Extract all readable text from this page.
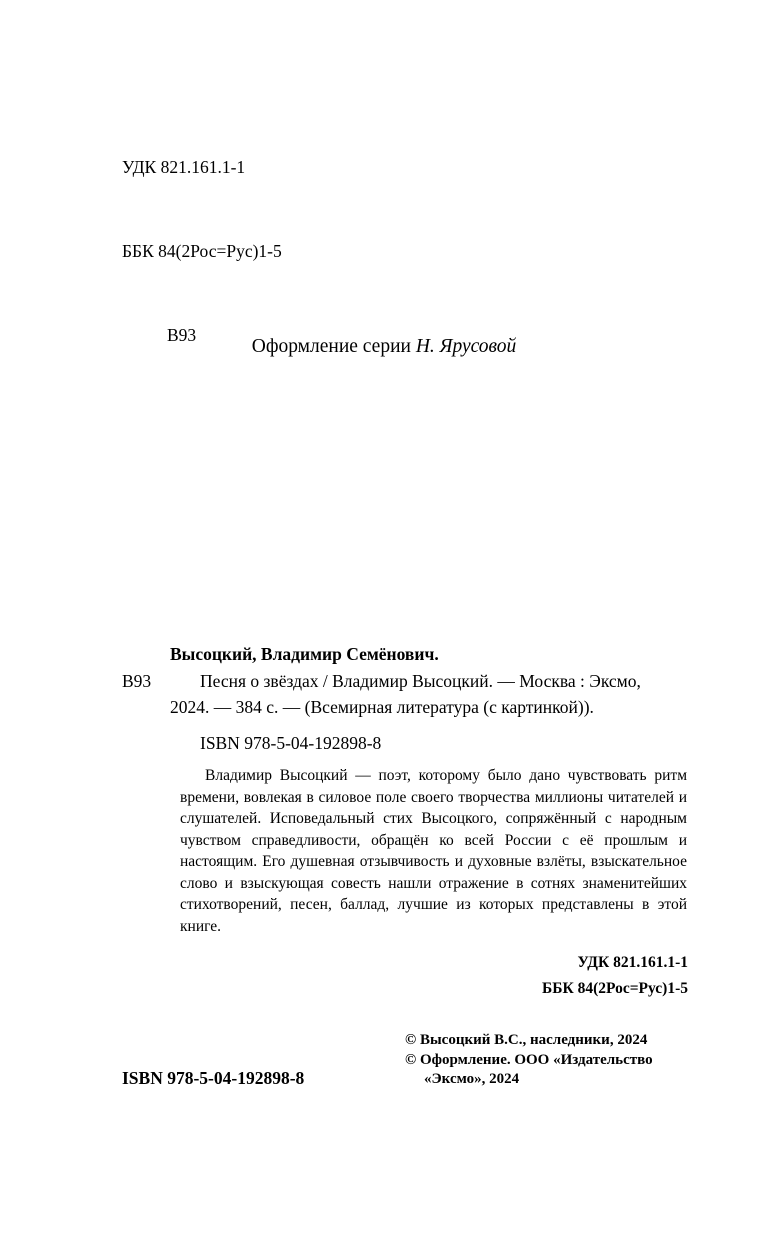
УДК 821.161.1-1

ББК 84(2Рос=Рус)1-5

В93

Оформление серии Н. Ярусовой
Высоцкий, Владимир Семёнович.
В93	Песня о звёздах / Владимир Высоцкий. — Москва : Эксмо, 2024. — 384 с. — (Всемирная литература (с картинкой)).
ISBN 978-5-04-192898-8
Владимир Высоцкий — поэт, которому было дано чувствовать ритм времени, вовлекая в силовое поле своего творчества миллионы читателей и слушателей. Исповедальный стих Высоцкого, сопряжённый с народным чувством справедливости, обращён ко всей России с её прошлым и настоящим. Его душевная отзывчивость и духовные взлёты, взыскательное слово и взыскующая совесть нашли отражение в сотнях знаменитейших стихотворений, песен, баллад, лучшие из которых представлены в этой книге.
УДК 821.161.1-1
ББК 84(2Рос=Рус)1-5
© Высоцкий В.С., наследники, 2024
© Оформление. ООО «Издательство «Эксмо», 2024
ISBN 978-5-04-192898-8
